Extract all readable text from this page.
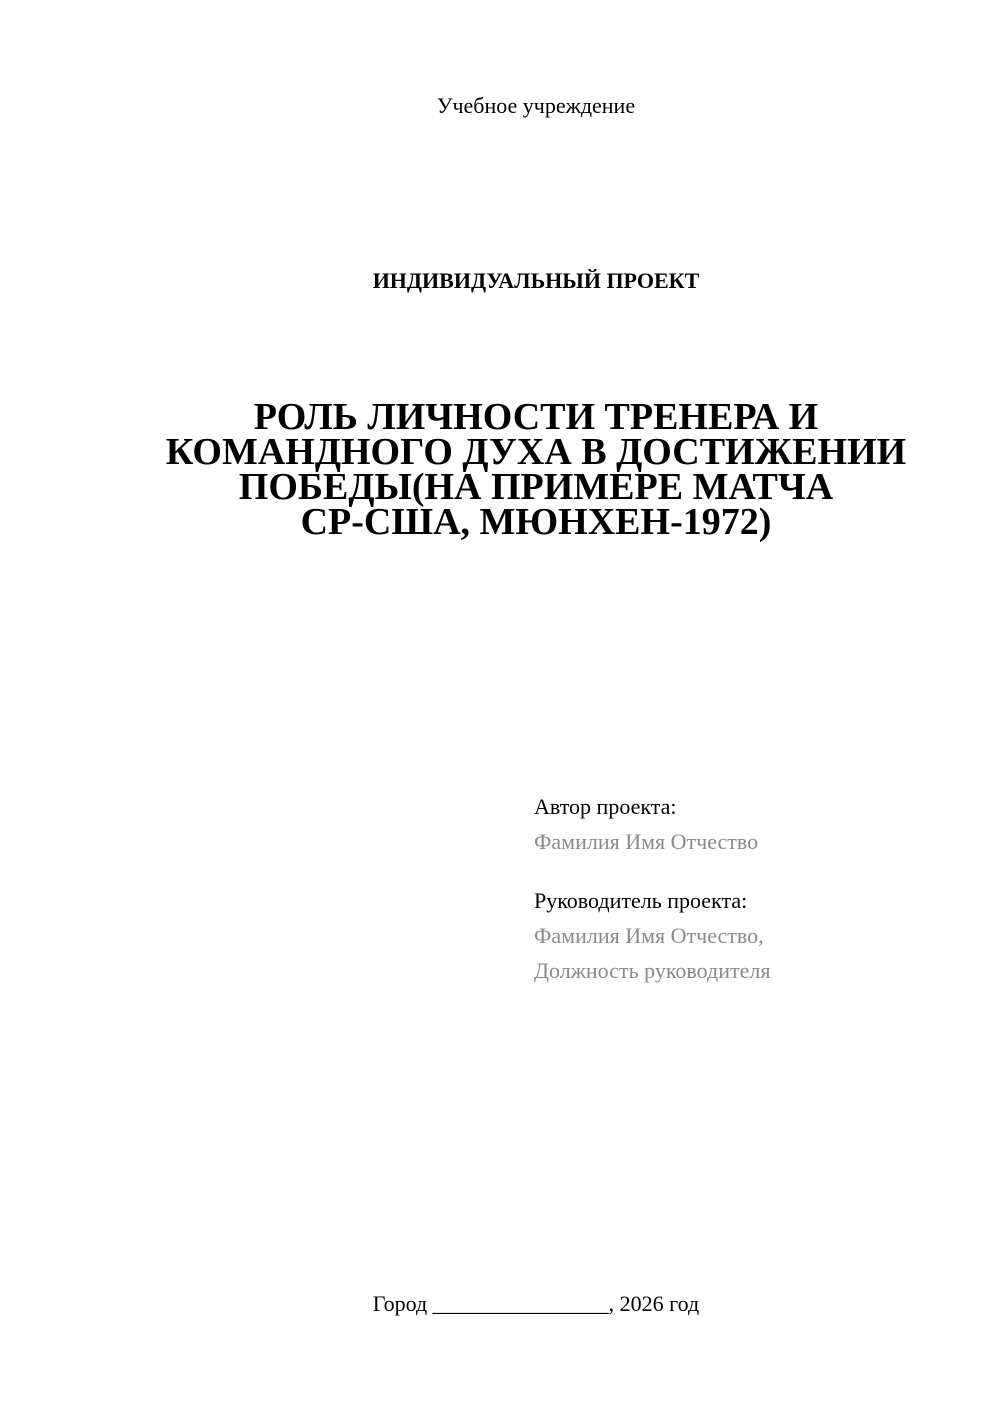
Учебное учреждение
ИНДИВИДУАЛЬНЫЙ ПРОЕКТ
РОЛЬ ЛИЧНОСТИ ТРЕНЕРА И
КОМАНДНОГО ДУХА В ДОСТИЖЕНИИ
ПОБЕДЫ(НА ПРИМЕРЕ МАТЧА
СР-США, МЮНХЕН-1972)
Автор проекта:
Фамилия Имя Отчество
Руководитель проекта:
Фамилия Имя Отчество,
Должность руководителя
Город ________________, 2026 год
